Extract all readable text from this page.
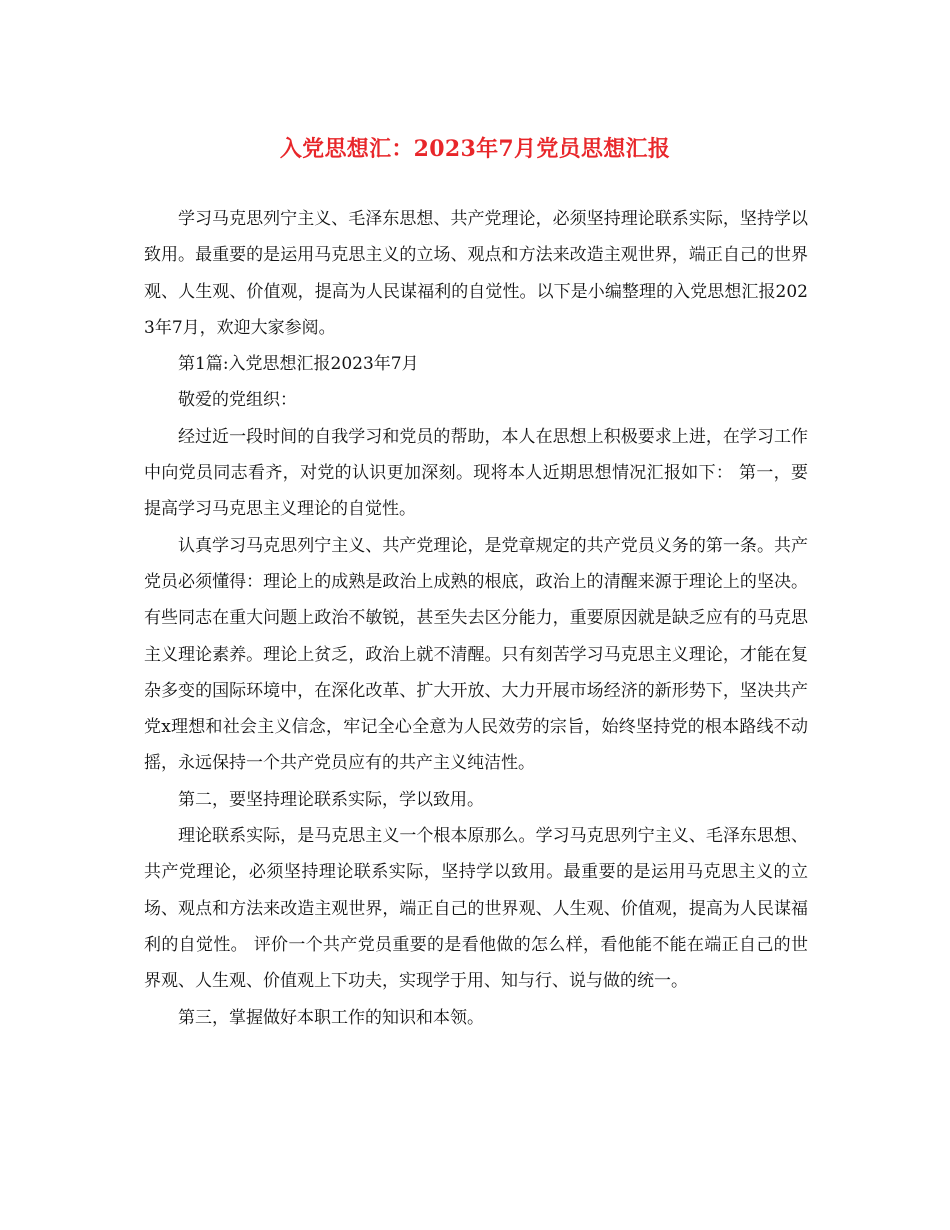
入党思想汇：2023年7月党员思想汇报

学习马克思列宁主义、毛泽东思想、共产党理论，必须坚持理论联系实际，坚持学以致用。最重要的是运用马克思主义的立场、观点和方法来改造主观世界，端正自己的世界观、人生观、价值观，提高为人民谋福利的自觉性。以下是小编整理的入党思想汇报2023年7月，欢迎大家参阅。

第1篇:入党思想汇报2023年7月

敬爱的党组织：

经过近一段时间的自我学习和党员的帮助，本人在思想上积极要求上进，在学习工作中向党员同志看齐，对党的认识更加深刻。现将本人近期思想情况汇报如下： 第一，要提高学习马克思主义理论的自觉性。

认真学习马克思列宁主义、共产党理论，是党章规定的共产党员义务的第一条。共产党员必须懂得：理论上的成熟是政治上成熟的根底，政治上的清醒来源于理论上的坚决。有些同志在重大问题上政治不敏锐，甚至失去区分能力，重要原因就是缺乏应有的马克思主义理论素养。理论上贫乏，政治上就不清醒。只有刻苦学习马克思主义理论，才能在复杂多变的国际环境中，在深化改革、扩大开放、大力开展市场经济的新形势下，坚决共产党x理想和社会主义信念，牢记全心全意为人民效劳的宗旨，始终坚持党的根本路线不动摇，永远保持一个共产党员应有的共产主义纯洁性。

第二，要坚持理论联系实际，学以致用。

理论联系实际，是马克思主义一个根本原那么。学习马克思列宁主义、毛泽东思想、共产党理论，必须坚持理论联系实际，坚持学以致用。最重要的是运用马克思主义的立场、观点和方法来改造主观世界，端正自己的世界观、人生观、价值观，提高为人民谋福利的自觉性。 评价一个共产党员重要的是看他做的怎么样，看他能不能在端正自己的世界观、人生观、价值观上下功夫，实现学于用、知与行、说与做的统一。

第三，掌握做好本职工作的知识和本领。
